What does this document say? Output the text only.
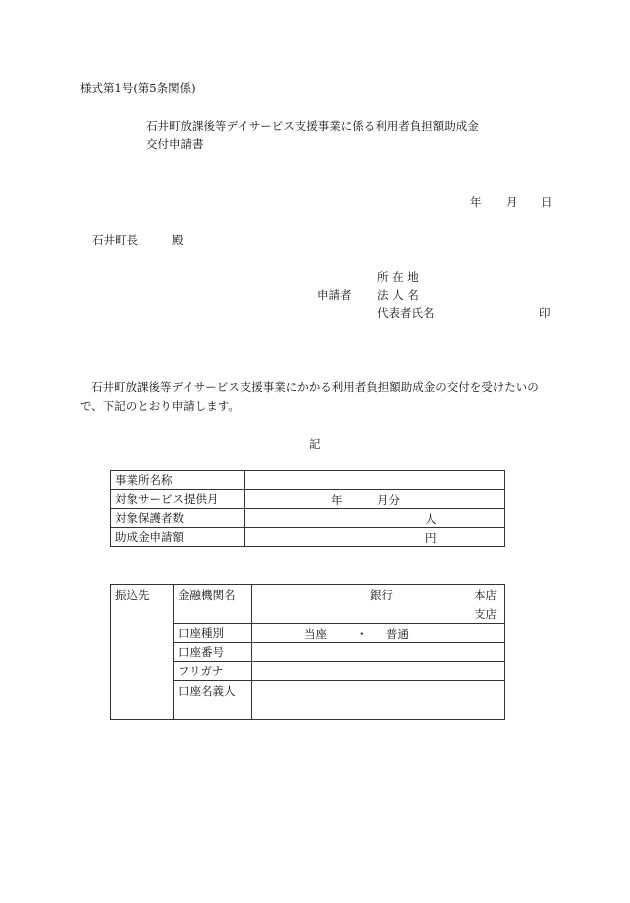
様式第1号(第5条関係)
石井町放課後等デイサービス支援事業に係る利用者負担額助成金
交付申請書
年 月 日
石井町長	殿
所 在 地
申請者 法 人 名
代表者氏名	印
石井町放課後等デイサービス支援事業にかかる利用者負担額助成金の交付を受けたいの
で、下記のとおり申請します。
記
事業所名称	
対象サービス提供月	年 月分

対象保護者数	人

助成金申請額	円
振込先	金融機関名	銀行 本店
支店

	口座種別	当座 ・ 普通

	口座番号	
	フリガナ	
	口座名義人	
